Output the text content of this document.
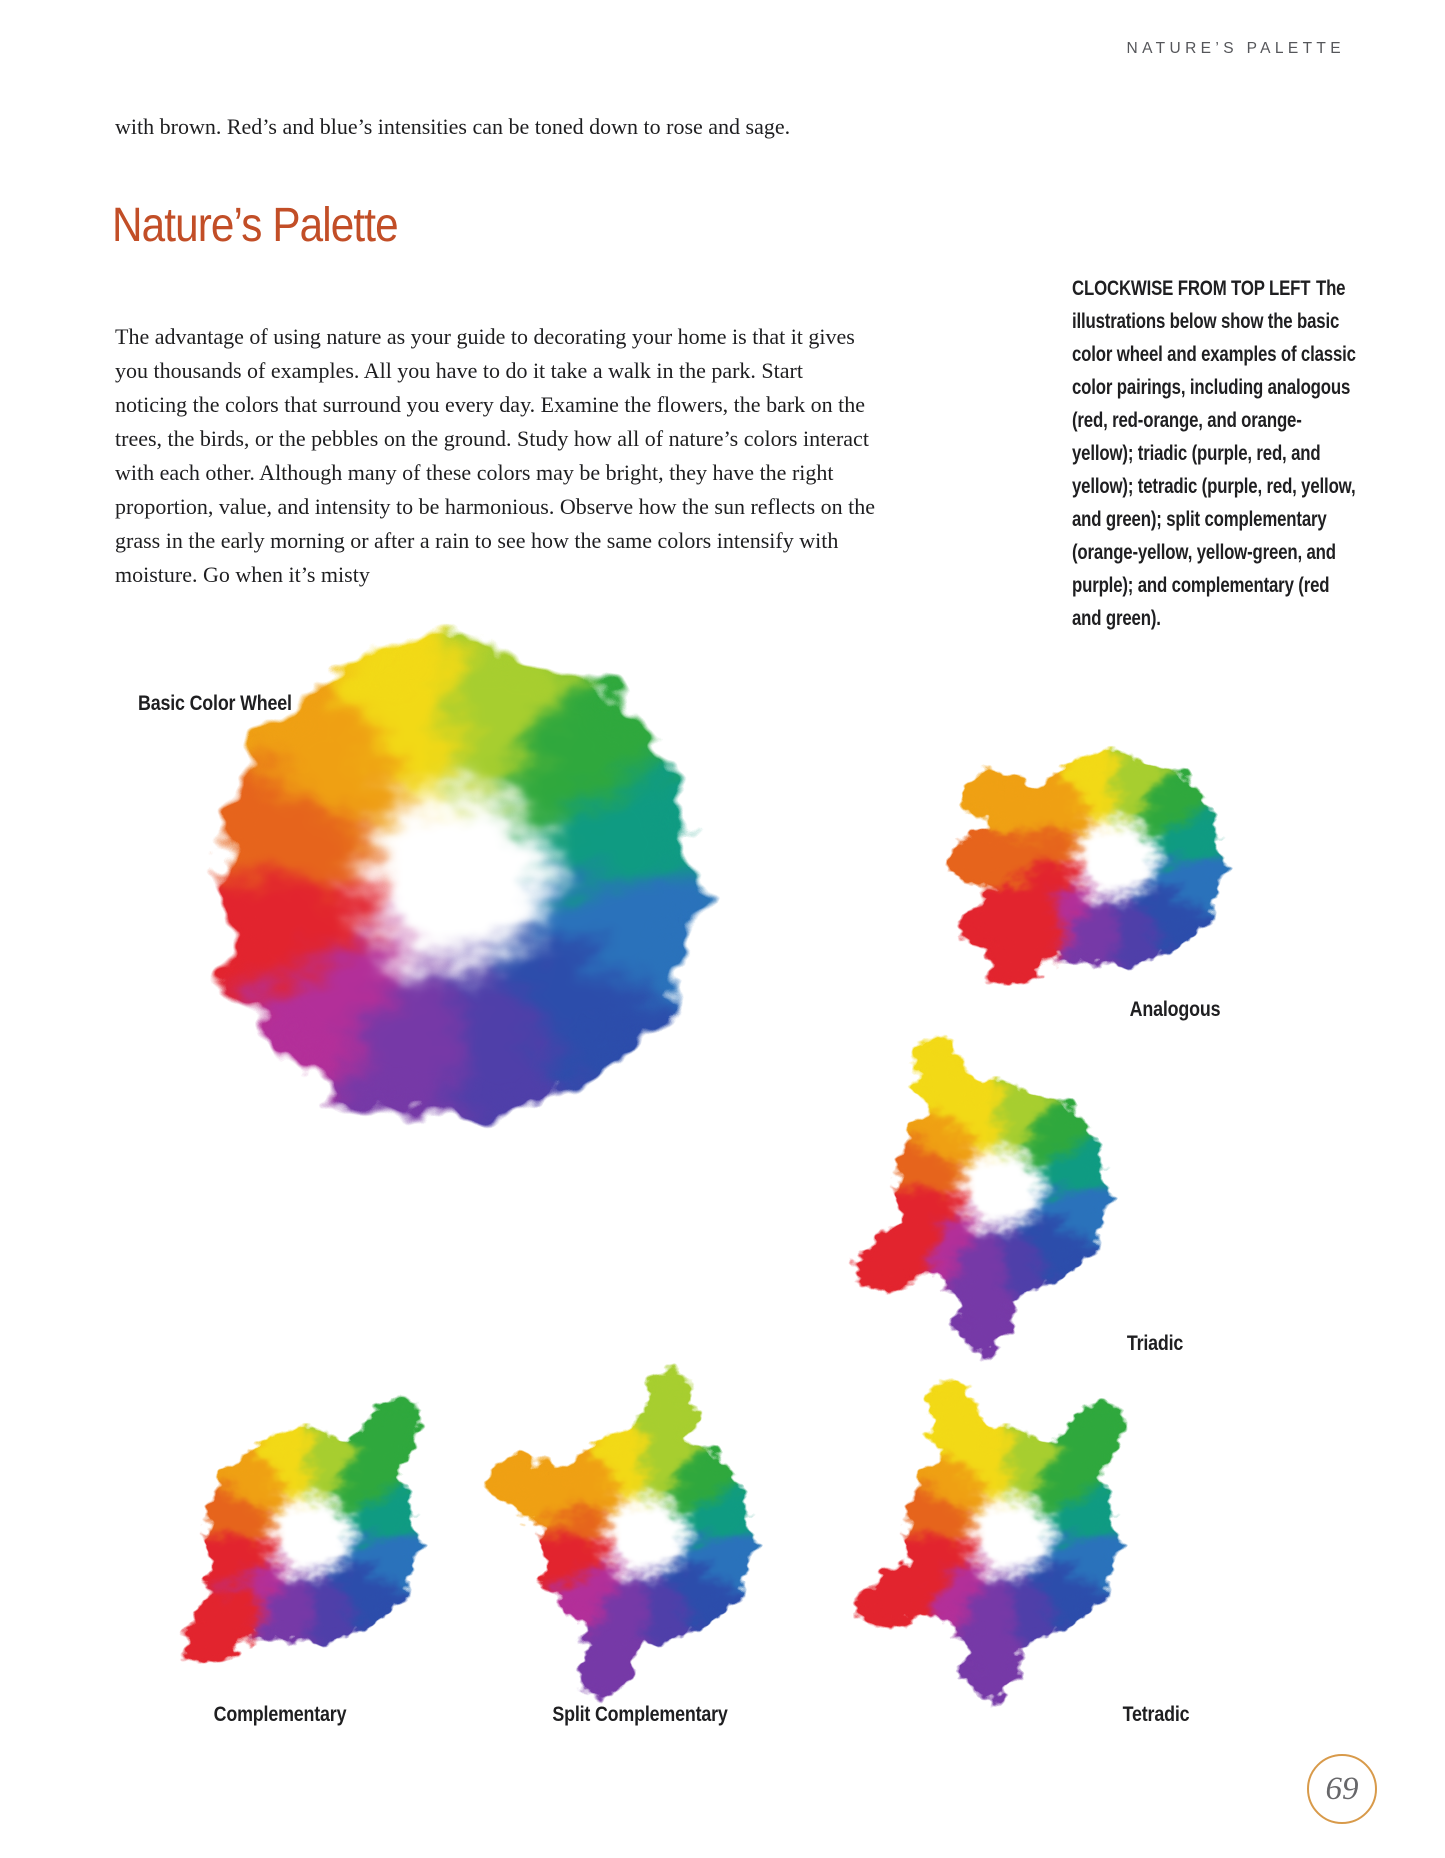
NATURE’S PALETTE
with brown. Red’s and blue’s intensities can be toned down to rose and sage.
Nature’s Palette
The advantage of using nature as your guide to decorating your home is that it gives you thousands of examples. All you have to do it take a walk in the park. Start noticing the colors that surround you every day. Examine the flowers, the bark on the trees, the birds, or the pebbles on the ground. Study how all of nature’s colors interact with each other. Although many of these colors may be bright, they have the right proportion, value, and intensity to be harmonious. Observe how the sun reflects on the grass in the early morning or after a rain to see how the same colors intensify with moisture. Go when it’s misty
CLOCKWISE FROM TOP LEFT The illustrations below show the basic color wheel and examples of classic color pairings, including analogous (red, red-orange, and orange-yellow); triadic (purple, red, and yellow); tetradic (purple, red, yellow, and green); split complementary (orange-yellow, yellow-green, and purple); and complementary (red and green).
Basic Color Wheel
Analogous
Triadic
Complementary	Split Complementary	Tetradic
69
